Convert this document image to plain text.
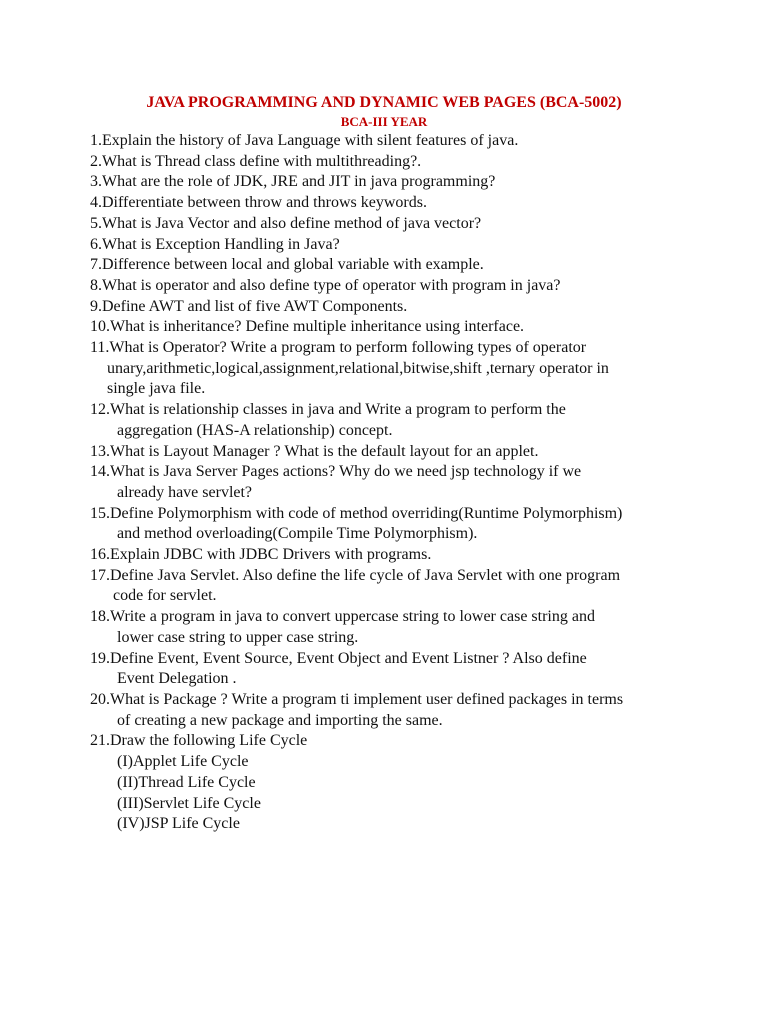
JAVA PROGRAMMING AND DYNAMIC WEB PAGES (BCA-5002)
BCA-III YEAR
1.Explain the history of Java Language with silent features of java.
2.What is Thread class define with multithreading?.
3.What are the role of JDK, JRE and JIT in java programming?
4.Differentiate between throw and throws keywords.
5.What is Java Vector and also define method of java vector?
6.What is Exception Handling in Java?
7.Difference between local and global variable with example.
8.What is operator and also define type of operator with program in java?
9.Define AWT and list of five AWT Components.
10.What is inheritance? Define multiple inheritance using interface.
11.What is Operator? Write a program to perform following types of operator
unary,arithmetic,logical,assignment,relational,bitwise,shift ,ternary operator in
single java file.
12.What is relationship classes in java and Write a program to perform the
aggregation (HAS-A relationship) concept.
13.What is Layout Manager ? What is the default layout for an applet.
14.What is Java Server Pages actions? Why do we need jsp technology if we
already have servlet?
15.Define Polymorphism with code of method overriding(Runtime Polymorphism)
and method overloading(Compile Time Polymorphism).
16.Explain JDBC with JDBC Drivers with programs.
17.Define Java Servlet. Also define the life cycle of Java Servlet with one program
code for servlet.
18.Write a program in java to convert uppercase string to lower case string and
lower case string to upper case string.
19.Define Event, Event Source, Event Object and Event Listner ? Also define
Event Delegation .
20.What is Package ? Write a program ti implement user defined packages in terms
of creating a new package and importing the same.
21.Draw the following Life Cycle
(I)Applet Life Cycle
(II)Thread Life Cycle
(III)Servlet Life Cycle
(IV)JSP Life Cycle
